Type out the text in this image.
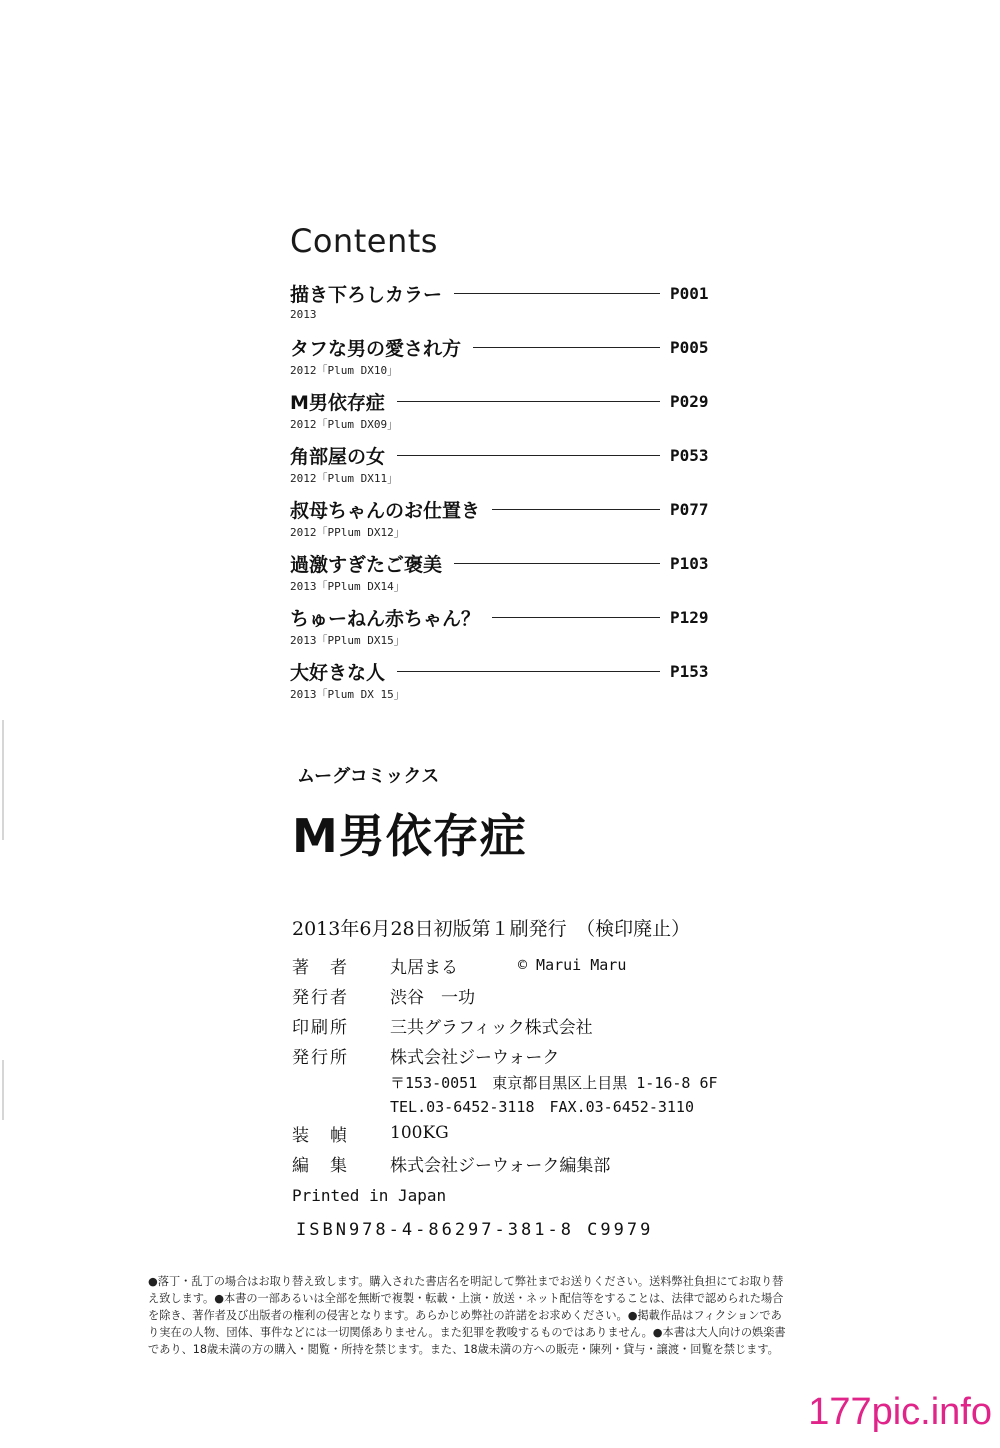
Contents
描き下ろしカラー	P001
2013
タフな男の愛され方	P005
2012「Plum DX10」
M男依存症	P029
2012「Plum DX09」
角部屋の女	P053
2012「Plum DX11」
叔母ちゃんのお仕置き	P077
2012「PPlum DX12」
過激すぎたご褒美	P103
2013「PPlum DX14」
ちゅーねん赤ちゃん？	P129
2013「PPlum DX15」
大好きな人	P153
2013「Plum DX 15」
ムーグコミックス
M男依存症
2013年6月28日初版第１刷発行　（検印廃止）
著　者	丸居まる	© Marui Maru
発行者	渋谷　一功
印刷所	三共グラフィック株式会社
発行所	株式会社ジーウォーク
〒153-0051　東京都目黒区上目黒 1-16-8 6F
TEL.03-6452-3118　FAX.03-6452-3110
装　幀	100KG
編　集	株式会社ジーウォーク編集部
Printed in Japan
ISBN978-4-86297-381-8 C9979
●落丁・乱丁の場合はお取り替え致します。購入された書店名を明記して弊社までお送りください。送料弊社負担にてお取り替
え致します。●本書の一部あるいは全部を無断で複製・転載・上演・放送・ネット配信等をすることは、法律で認められた場合
を除き、著作者及び出版者の権利の侵害となります。あらかじめ弊社の許諾をお求めください。●掲載作品はフィクションであ
り実在の人物、団体、事件などには一切関係ありません。また犯罪を教唆するものではありません。●本書は大人向けの娯楽書
であり、18歳未満の方の購入・閲覧・所持を禁じます。また、18歳未満の方への販売・陳列・貸与・譲渡・回覧を禁じます。
177pic.info
